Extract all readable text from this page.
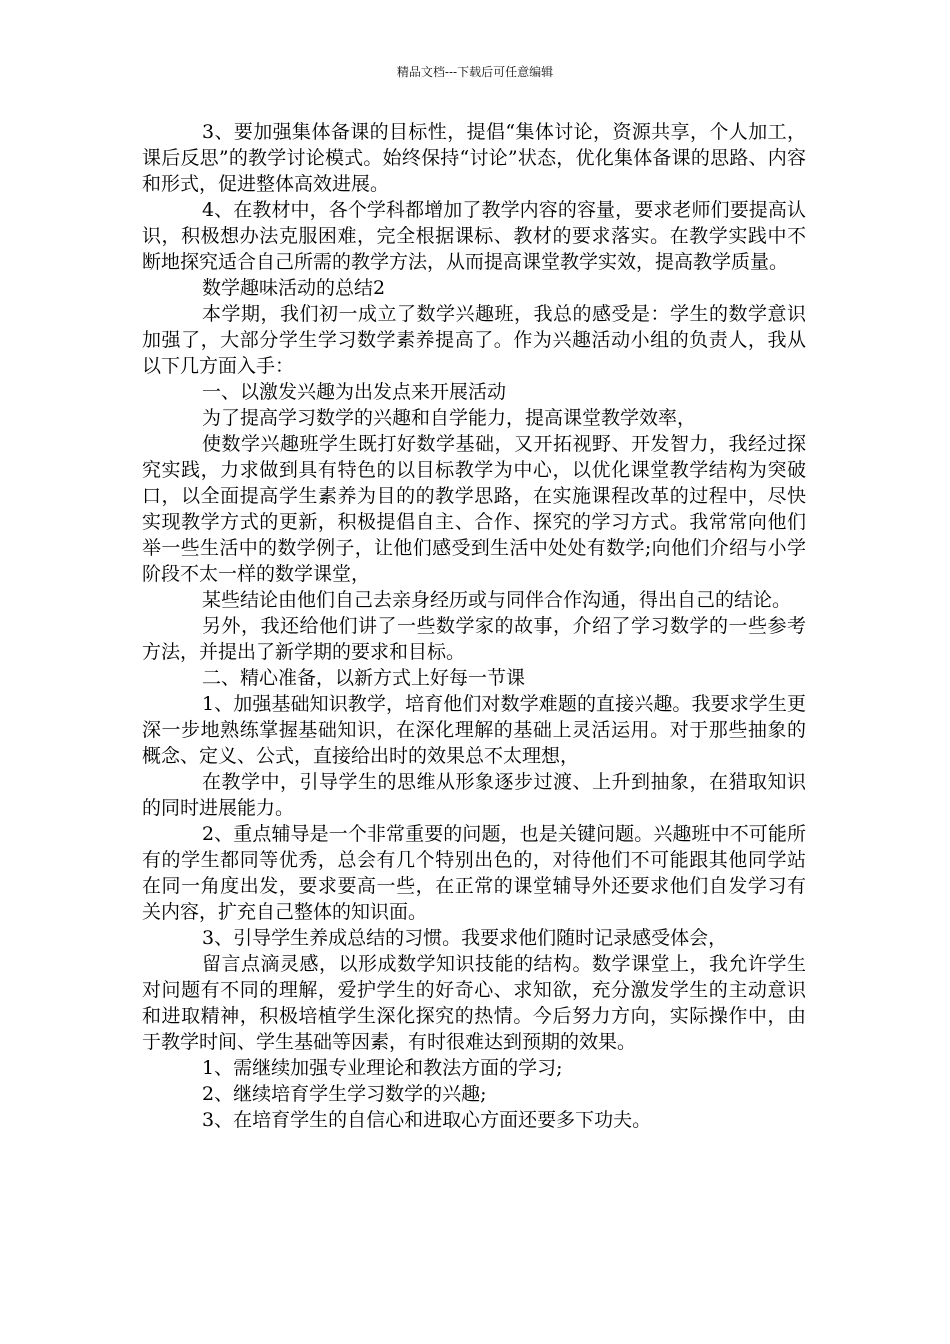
精品文档---下载后可任意编辑

3、要加强集体备课的目标性，提倡“集体讨论，资源共享，个人加工，课后反思”的教学讨论模式。始终保持“讨论”状态，优化集体备课的思路、内容和形式，促进整体高效进展。

4、在教材中，各个学科都增加了教学内容的容量，要求老师们要提高认识，积极想办法克服困难，完全根据课标、教材的要求落实。在教学实践中不断地探究适合自己所需的教学方法，从而提高课堂教学实效，提高教学质量。

数学趣味活动的总结2

本学期，我们初一成立了数学兴趣班，我总的感受是：学生的数学意识加强了，大部分学生学习数学素养提高了。作为兴趣活动小组的负责人，我从以下几方面入手：

一、以激发兴趣为出发点来开展活动

为了提高学习数学的兴趣和自学能力，提高课堂教学效率，

使数学兴趣班学生既打好数学基础，又开拓视野、开发智力，我经过探究实践，力求做到具有特色的以目标教学为中心，以优化课堂教学结构为突破口，以全面提高学生素养为目的的教学思路，在实施课程改革的过程中，尽快实现教学方式的更新，积极提倡自主、合作、探究的学习方式。我常常向他们举一些生活中的数学例子，让他们感受到生活中处处有数学;向他们介绍与小学阶段不太一样的数学课堂，

某些结论由他们自己去亲身经历或与同伴合作沟通，得出自己的结论。

另外，我还给他们讲了一些数学家的故事，介绍了学习数学的一些参考方法，并提出了新学期的要求和目标。

二、精心准备，以新方式上好每一节课

1、加强基础知识教学，培育他们对数学难题的直接兴趣。我要求学生更深一步地熟练掌握基础知识，在深化理解的基础上灵活运用。对于那些抽象的概念、定义、公式，直接给出时的效果总不太理想，

在教学中，引导学生的思维从形象逐步过渡、上升到抽象，在猎取知识的同时进展能力。

2、重点辅导是一个非常重要的问题，也是关键问题。兴趣班中不可能所有的学生都同等优秀，总会有几个特别出色的，对待他们不可能跟其他同学站在同一角度出发，要求要高一些，在正常的课堂辅导外还要求他们自发学习有关内容，扩充自己整体的知识面。

3、引导学生养成总结的习惯。我要求他们随时记录感受体会，

留言点滴灵感，以形成数学知识技能的结构。数学课堂上，我允许学生对问题有不同的理解，爱护学生的好奇心、求知欲，充分激发学生的主动意识和进取精神，积极培植学生深化探究的热情。今后努力方向，实际操作中，由于教学时间、学生基础等因素，有时很难达到预期的效果。

1、需继续加强专业理论和教法方面的学习;

2、继续培育学生学习数学的兴趣;

3、在培育学生的自信心和进取心方面还要多下功夫。
